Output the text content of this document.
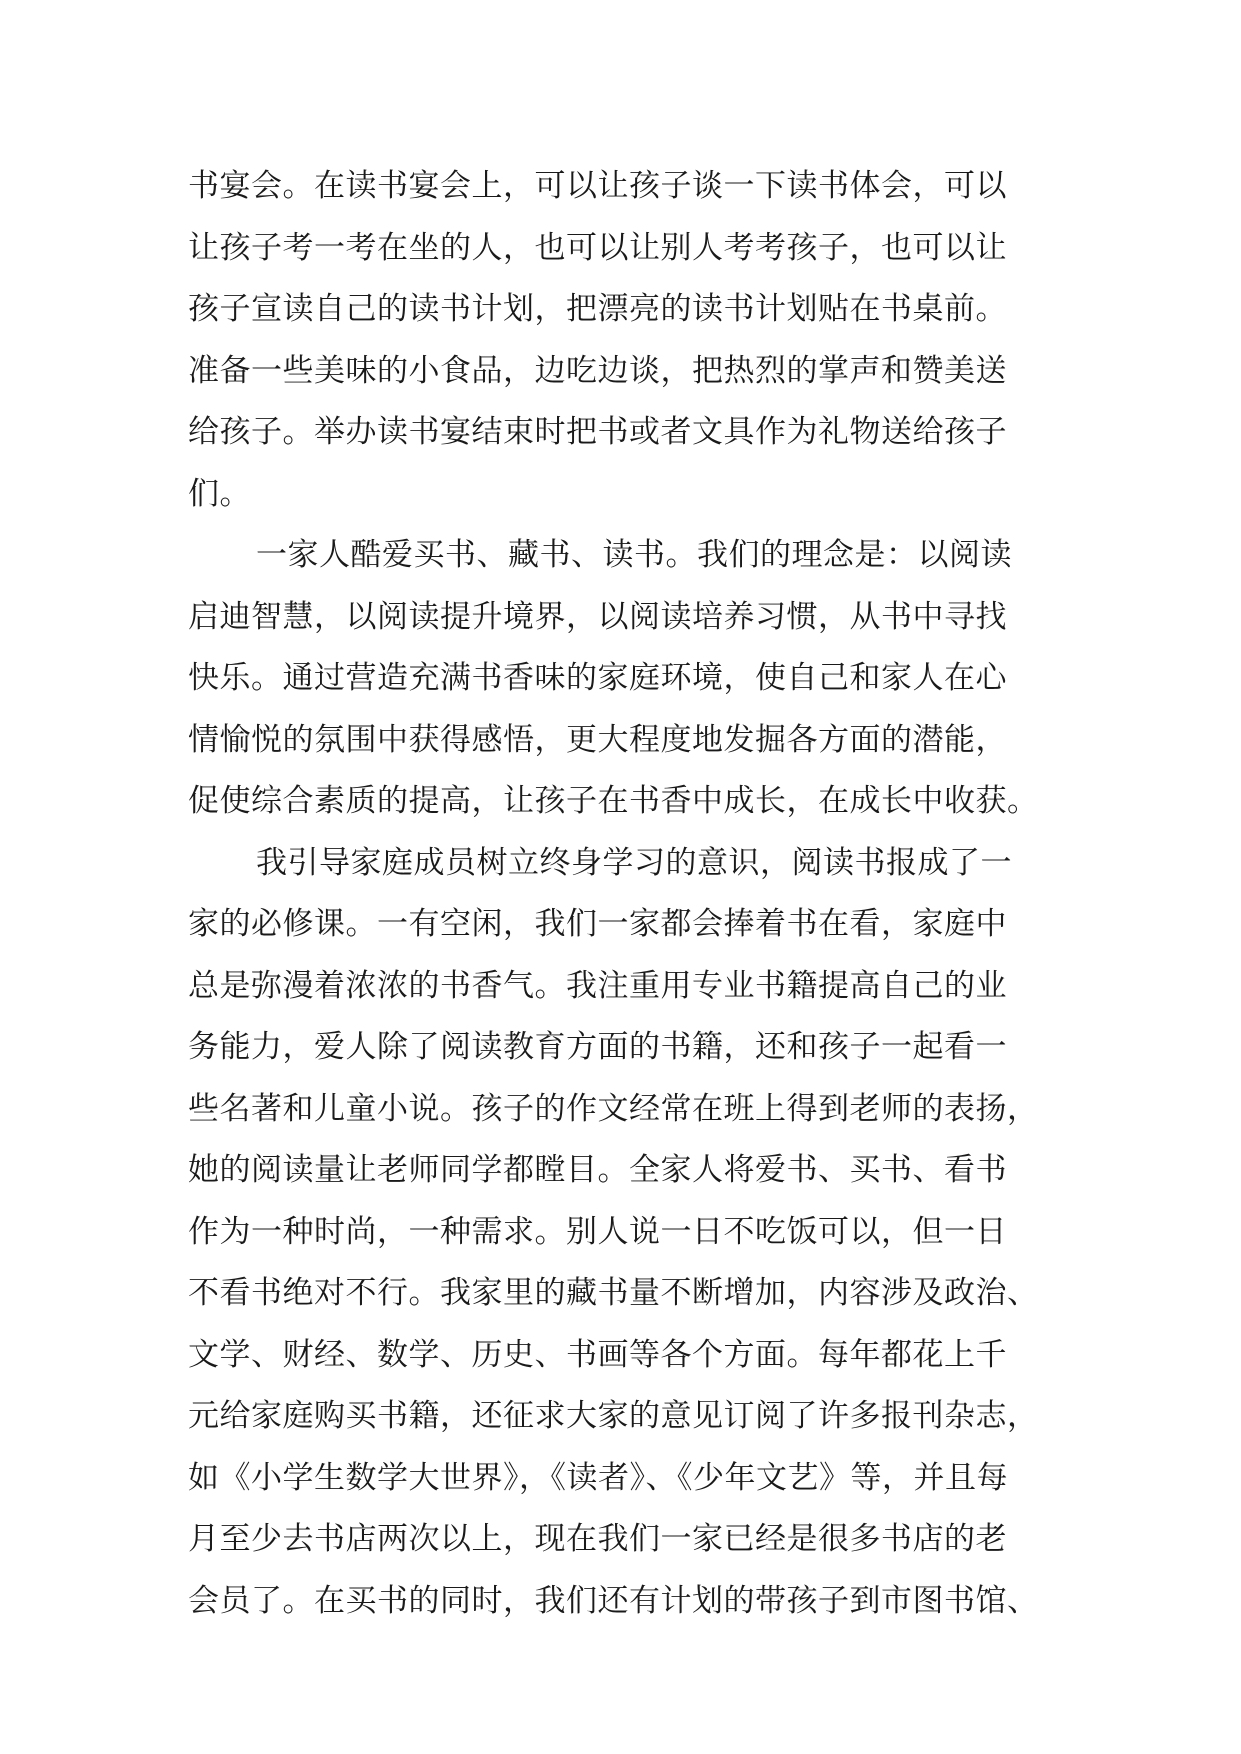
书宴会。在读书宴会上，可以让孩子谈一下读书体会，可以
让孩子考一考在坐的人，也可以让别人考考孩子，也可以让
孩子宣读自己的读书计划，把漂亮的读书计划贴在书桌前。
准备一些美味的小食品，边吃边谈，把热烈的掌声和赞美送
给孩子。举办读书宴结束时把书或者文具作为礼物送给孩子
们。
一家人酷爱买书、藏书、读书。我们的理念是：以阅读
启迪智慧，以阅读提升境界，以阅读培养习惯，从书中寻找
快乐。通过营造充满书香味的家庭环境，使自己和家人在心
情愉悦的氛围中获得感悟，更大程度地发掘各方面的潜能，
促使综合素质的提高，让孩子在书香中成长，在成长中收获。
我引导家庭成员树立终身学习的意识，阅读书报成了一
家的必修课。一有空闲，我们一家都会捧着书在看，家庭中
总是弥漫着浓浓的书香气。我注重用专业书籍提高自己的业
务能力，爱人除了阅读教育方面的书籍，还和孩子一起看一
些名著和儿童小说。孩子的作文经常在班上得到老师的表扬，
她的阅读量让老师同学都瞠目。全家人将爱书、买书、看书
作为一种时尚，一种需求。别人说一日不吃饭可以，但一日
不看书绝对不行。我家里的藏书量不断增加，内容涉及政治、
文学、财经、数学、历史、书画等各个方面。每年都花上千
元给家庭购买书籍，还征求大家的意见订阅了许多报刊杂志，
如《小学生数学大世界》，《读者》、《少年文艺》等，并且每
月至少去书店两次以上，现在我们一家已经是很多书店的老
会员了。在买书的同时，我们还有计划的带孩子到市图书馆、
